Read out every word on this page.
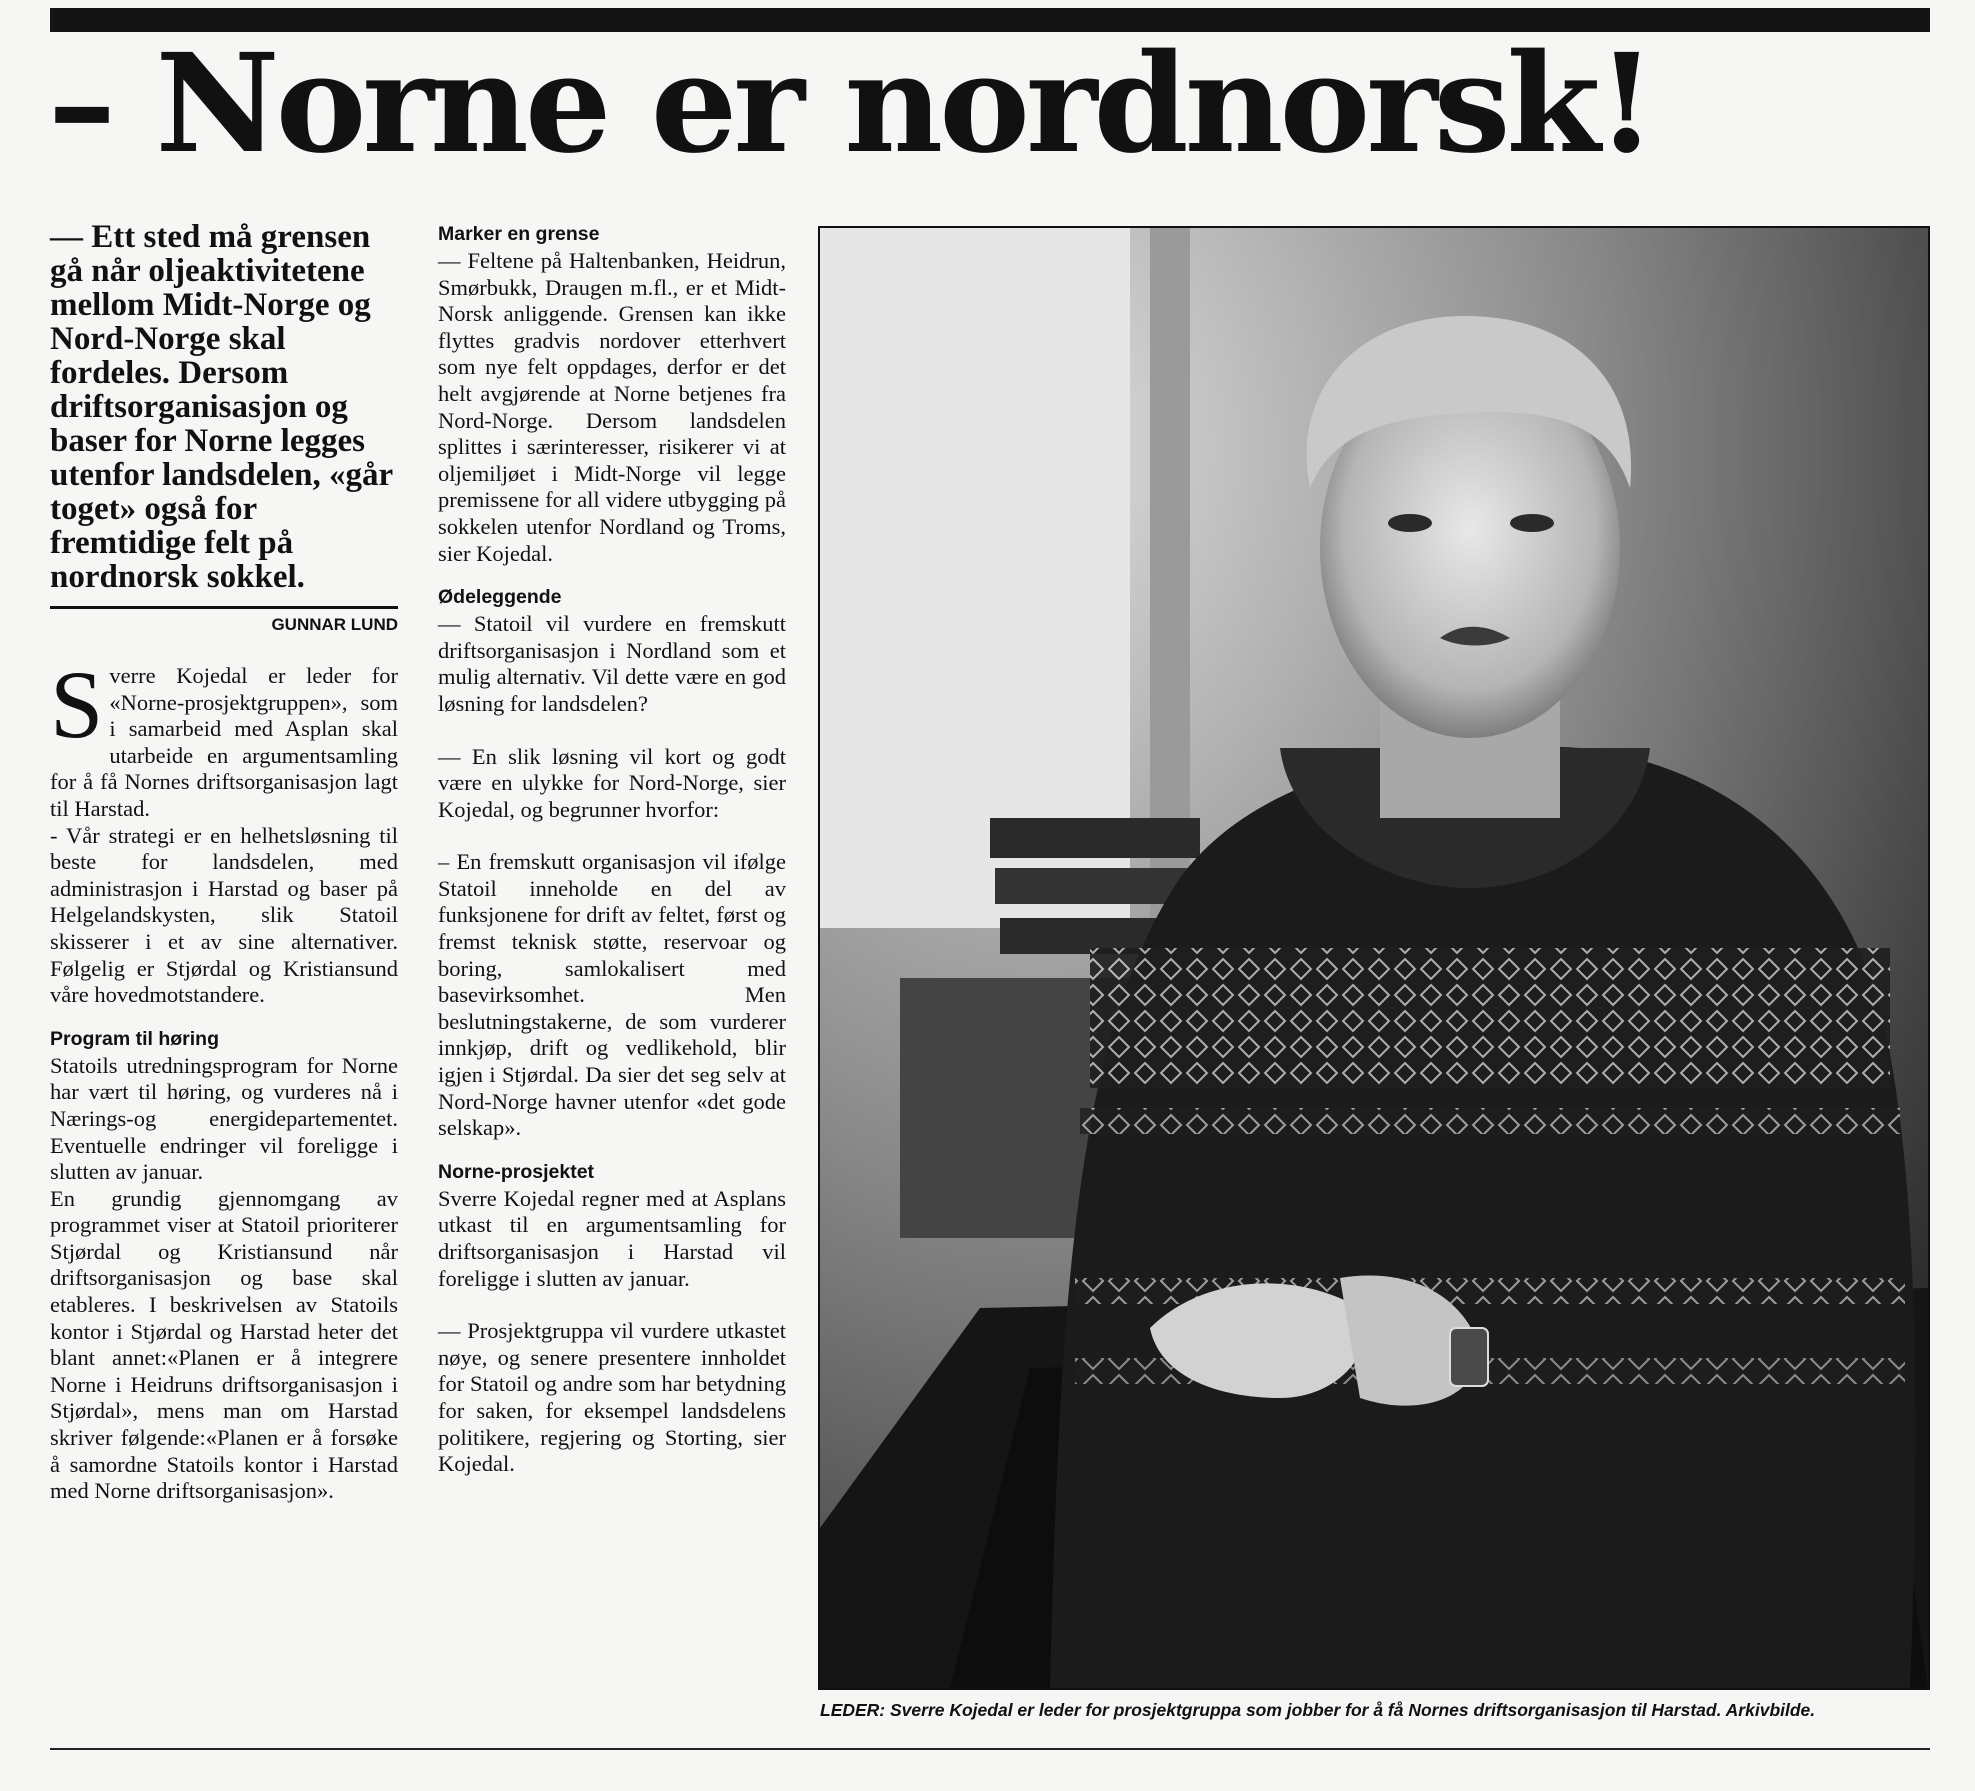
– Norne er nordnorsk!

— Ett sted må grensen gå når oljeaktivitetene mellom Midt-Norge og Nord-Norge skal fordeles. Dersom driftsorganisasjon og baser for Norne legges utenfor landsdelen, «går toget» også for fremtidige felt på nordnorsk sokkel.

GUNNAR LUND

Sverre Kojedal er leder for «Norne-prosjektgruppen», som i samarbeid med Asplan skal utarbeide en argumentsamling for å få Nornes driftsorganisasjon lagt til Harstad.

- Vår strategi er en helhetsløsning til beste for landsdelen, med administrasjon i Harstad og baser på Helgelandskysten, slik Statoil skisserer i et av sine alternativer. Følgelig er Stjørdal og Kristiansund våre hovedmotstandere.

Program til høring

Statoils utredningsprogram for Norne har vært til høring, og vurderes nå i Nærings-og energidepartementet. Eventuelle endringer vil foreligge i slutten av januar.

En grundig gjennomgang av programmet viser at Statoil prioriterer Stjørdal og Kristiansund når driftsorganisasjon og base skal etableres. I beskrivelsen av Statoils kontor i Stjørdal og Harstad heter det blant annet:«Planen er å integrere Norne i Heidruns driftsorganisasjon i Stjørdal», mens man om Harstad skriver følgende:«Planen er å forsøke å samordne Statoils kontor i Harstad med Norne driftsorganisasjon».

Marker en grense

— Feltene på Haltenbanken, Heidrun, Smørbukk, Draugen m.fl., er et Midt-Norsk anliggende. Grensen kan ikke flyttes gradvis nordover etterhvert som nye felt oppdages, derfor er det helt avgjørende at Norne betjenes fra Nord-Norge. Dersom landsdelen splittes i særinteresser, risikerer vi at oljemiljøet i Midt-Norge vil legge premissene for all videre utbygging på sokkelen utenfor Nordland og Troms, sier Kojedal.

Ødeleggende

— Statoil vil vurdere en fremskutt driftsorganisasjon i Nordland som et mulig alternativ. Vil dette være en god løsning for landsdelen?

— En slik løsning vil kort og godt være en ulykke for Nord-Norge, sier Kojedal, og begrunner hvorfor:

– En fremskutt organisasjon vil ifølge Statoil inneholde en del av funksjonene for drift av feltet, først og fremst teknisk støtte, reservoar og boring, samlokalisert med basevirksomhet. Men beslutningstakerne, de som vurderer innkjøp, drift og vedlikehold, blir igjen i Stjørdal. Da sier det seg selv at Nord-Norge havner utenfor «det gode selskap».

Norne-prosjektet

Sverre Kojedal regner med at Asplans utkast til en argumentsamling for driftsorganisasjon i Harstad vil foreligge i slutten av januar.

— Prosjektgruppa vil vurdere utkastet nøye, og senere presentere innholdet for Statoil og andre som har betydning for saken, for eksempel landsdelens politikere, regjering og Storting, sier Kojedal.

LEDER: Sverre Kojedal er leder for prosjektgruppa som jobber for å få Nornes driftsorganisasjon til Harstad. Arkivbilde.
